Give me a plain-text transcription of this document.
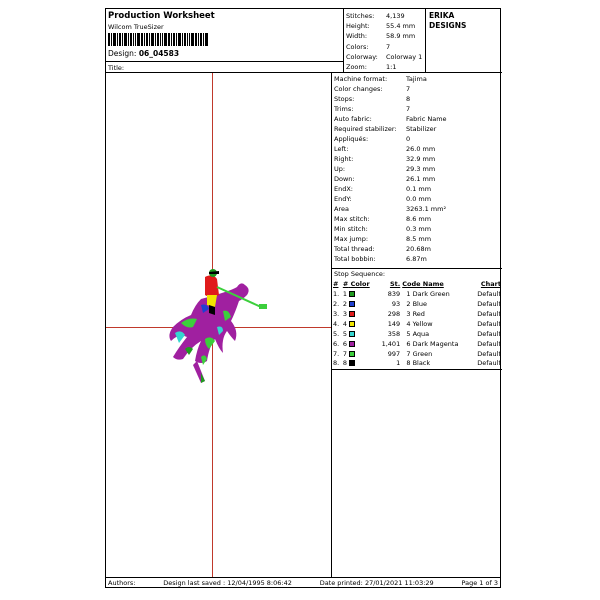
Production Worksheet
Wilcom TrueSizer
Design: 06_04583
Title:
Stitches:	4,139
Height:	55.4 mm
Width:	58.9 mm
Colors:	7
Colorway:	Colorway 1
Zoom:	1:1
ERIKA
DESIGNS
Machine format:	Tajima
Color changes:	7
Stops:	8
Trims:	7
Auto fabric:	Fabric Name
Required stabilizer:	Stabilizer
Appliqués:	0
Left:	26.0 mm
Right:	32.9 mm
Up:	29.3 mm
Down:	26.1 mm
EndX:	0.1 mm
EndY:	0.0 mm
Area	3263.1 mm²
Max stitch:	8.6 mm
Min stitch:	0.3 mm
Max jump:	8.5 mm
Total thread:	20.68m
Total bobbin:	6.87m
Stop Sequence:
#	# Color	St.	Code Name	Chart
1.	1	839	1 Dark Green	Default
2.	2	93	2 Blue	Default
3.	3	298	3 Red	Default
4.	4	149	4 Yellow	Default
5.	5	358	5 Aqua	Default
6.	6	1,401	6 Dark Magenta	Default
7.	7	997	7 Green	Default
8.	8	1	8 Black	Default
Authors:	Design last saved : 12/04/1995 8:06:42	Date printed: 27/01/2021 11:03:29	Page 1 of 3
